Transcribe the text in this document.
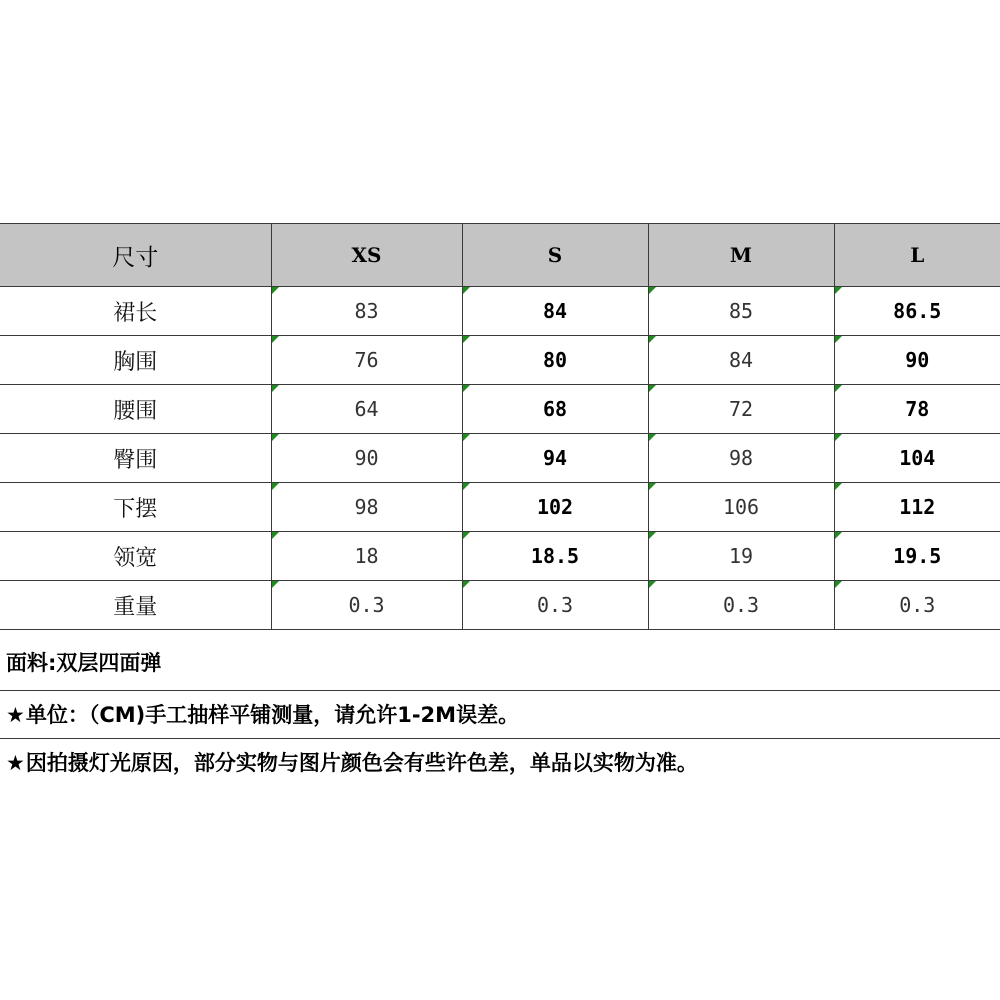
尺寸	XS	S	M	L
裙长	83	84	85	86.5
胸围	76	80	84	90
腰围	64	68	72	78
臀围	90	94	98	104
下摆	98	102	106	112
领宽	18	18.5	19	19.5
重量	0.3	0.3	0.3	0.3
面料:双层四面弹
★单位：（CM)手工抽样平铺测量，请允许1-2M误差。
★因拍摄灯光原因，部分实物与图片颜色会有些许色差，单品以实物为准。
